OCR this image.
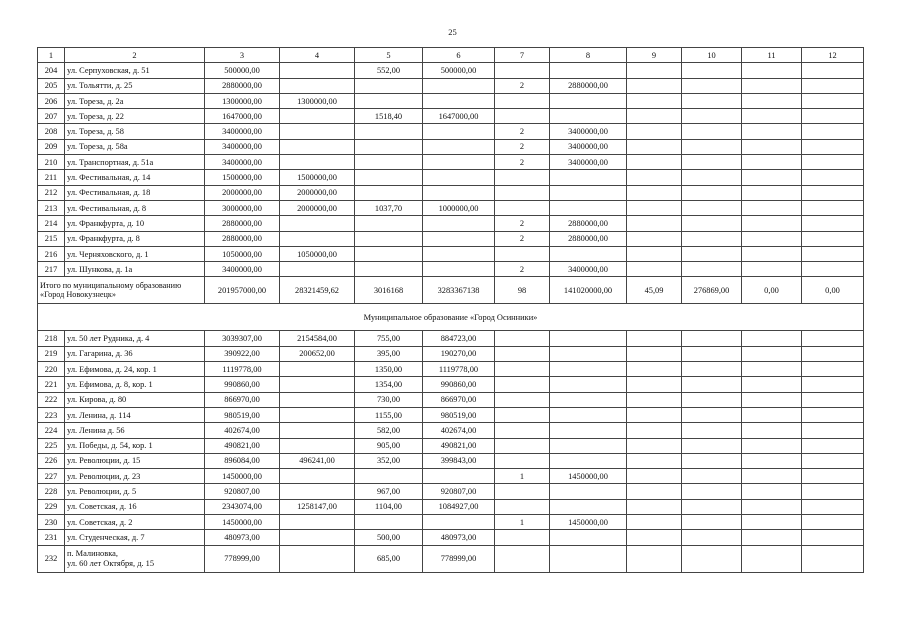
25
1	2	3	4	5	6	7	8	9	10	11	12
204	ул. Серпуховская, д. 51	500000,00		552,00	500000,00						
205	ул. Тольятти, д. 25	2880000,00				2	2880000,00				
206	ул. Тореза, д. 2а	1300000,00	1300000,00								
207	ул. Тореза, д. 22	1647000,00		1518,40	1647000,00						
208	ул. Тореза, д. 58	3400000,00				2	3400000,00				
209	ул. Тореза, д. 58а	3400000,00				2	3400000,00				
210	ул. Транспортная, д. 51а	3400000,00				2	3400000,00				
211	ул. Фестивальная, д. 14	1500000,00	1500000,00								
212	ул. Фестивальная, д. 18	2000000,00	2000000,00								
213	ул. Фестивальная, д. 8	3000000,00	2000000,00	1037,70	1000000,00						
214	ул. Франкфурта, д. 10	2880000,00				2	2880000,00				
215	ул. Франкфурта, д. 8	2880000,00				2	2880000,00				
216	ул. Черняховского, д. 1	1050000,00	1050000,00								
217	ул. Шункова, д. 1а	3400000,00				2	3400000,00				
Итого по муниципальному образованию «Город Новокузнецк»		201957000,00	28321459,62	3016168	3283367138	98	141020000,00	45,09	276869,00	0,00	0,00
Муниципальное образование «Город Осинники»											
218	ул. 50 лет Рудника, д. 4	3039307,00	2154584,00	755,00	884723,00						
219	ул. Гагарина, д. 36	390922,00	200652,00	395,00	190270,00						
220	ул. Ефимова, д. 24, кор. 1	1119778,00		1350,00	1119778,00						
221	ул. Ефимова, д. 8, кор. 1	990860,00		1354,00	990860,00						
222	ул. Кирова, д. 80	866970,00		730,00	866970,00						
223	ул. Ленина, д. 114	980519,00		1155,00	980519,00						
224	ул. Ленина д. 56	402674,00		582,00	402674,00						
225	ул. Победы, д. 54, кор. 1	490821,00		905,00	490821,00						
226	ул. Революции, д. 15	896084,00	496241,00	352,00	399843,00						
227	ул. Революции, д. 23	1450000,00				1	1450000,00				
228	ул. Революции, д. 5	920807,00		967,00	920807,00						
229	ул. Советская, д. 16	2343074,00	1258147,00	1104,00	1084927,00						
230	ул. Советская, д. 2	1450000,00				1	1450000,00				
231	ул. Студенческая, д. 7	480973,00		500,00	480973,00						
232	п. Малиновка,
ул. 60 лет Октября, д. 15	778999,00		685,00	778999,00						
